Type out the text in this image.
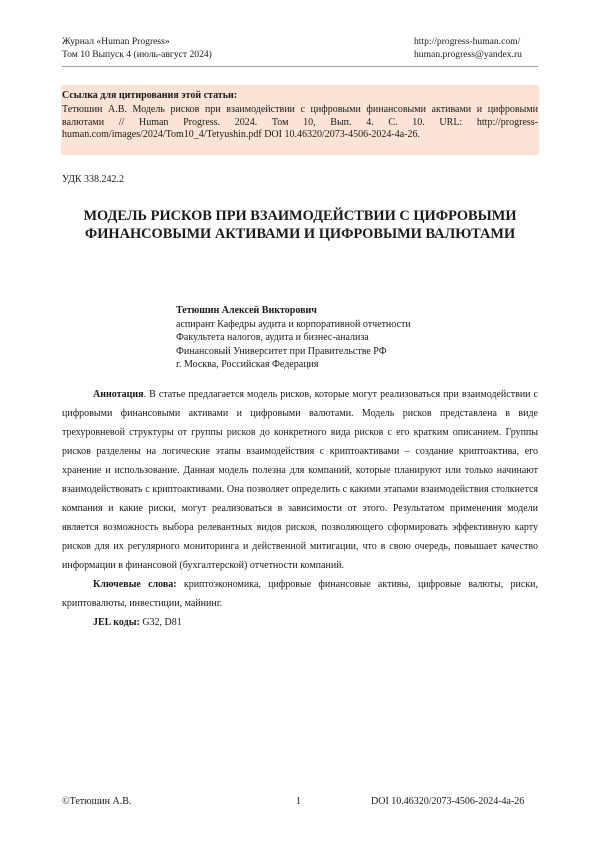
Журнал «Human Progress»
Том 10 Выпуск 4 (июль-август 2024)
http://progress-human.com/
human.progress@yandex.ru
Ссылка для цитирования этой статьи:
Тетюшин А.В. Модель рисков при взаимодействии с цифровыми финансовыми активами и цифровыми валютами // Human Progress. 2024. Том 10, Вып. 4. С. 10. URL: http://progress-human.com/images/2024/Tom10_4/Tetyushin.pdf DOI 10.46320/2073-4506-2024-4a-26.
УДК 338.242.2
МОДЕЛЬ РИСКОВ ПРИ ВЗАИМОДЕЙСТВИИ С ЦИФРОВЫМИ ФИНАНСОВЫМИ АКТИВАМИ И ЦИФРОВЫМИ ВАЛЮТАМИ
Тетюшин Алексей Викторович
аспирант Кафедры аудита и корпоративной отчетности
Факультета налогов, аудита и бизнес-анализа
Финансовый Университет при Правительстве РФ
г. Москва, Российская Федерация

Аннотация. В статье предлагается модель рисков, которые могут реализоваться при взаимодействии с цифровыми финансовыми активами и цифровыми валютами. Модель рисков представлена в виде трехуровневой структуры от группы рисков до конкретного вида рисков с его кратким описанием. Группы рисков разделены на логические этапы взаимодействия с криптоактивами – создание криптоактива, его хранение и использование. Данная модель полезна для компаний, которые планируют или только начинают взаимодействовать с криптоактивами. Она позволяет определить с какими этапами взаимодействия столкнется компания и какие риски, могут реализоваться в зависимости от этого. Результатом применения модели является возможность выбора релевантных видов рисков, позволяющего сформировать эффективную карту рисков для их регулярного мониторинга и действенной митигации, что в свою очередь, повышает качество информации в финансовой (бухгалтерской) отчетности компаний.

Ключевые слова: криптоэкономика, цифровые финансовые активы, цифровые валюты, риски, криптовалюты, инвестиции, майнинг.

JEL коды: G32, D81

©Тетюшин А.В.	1	DOI 10.46320/2073-4506-2024-4a-26
